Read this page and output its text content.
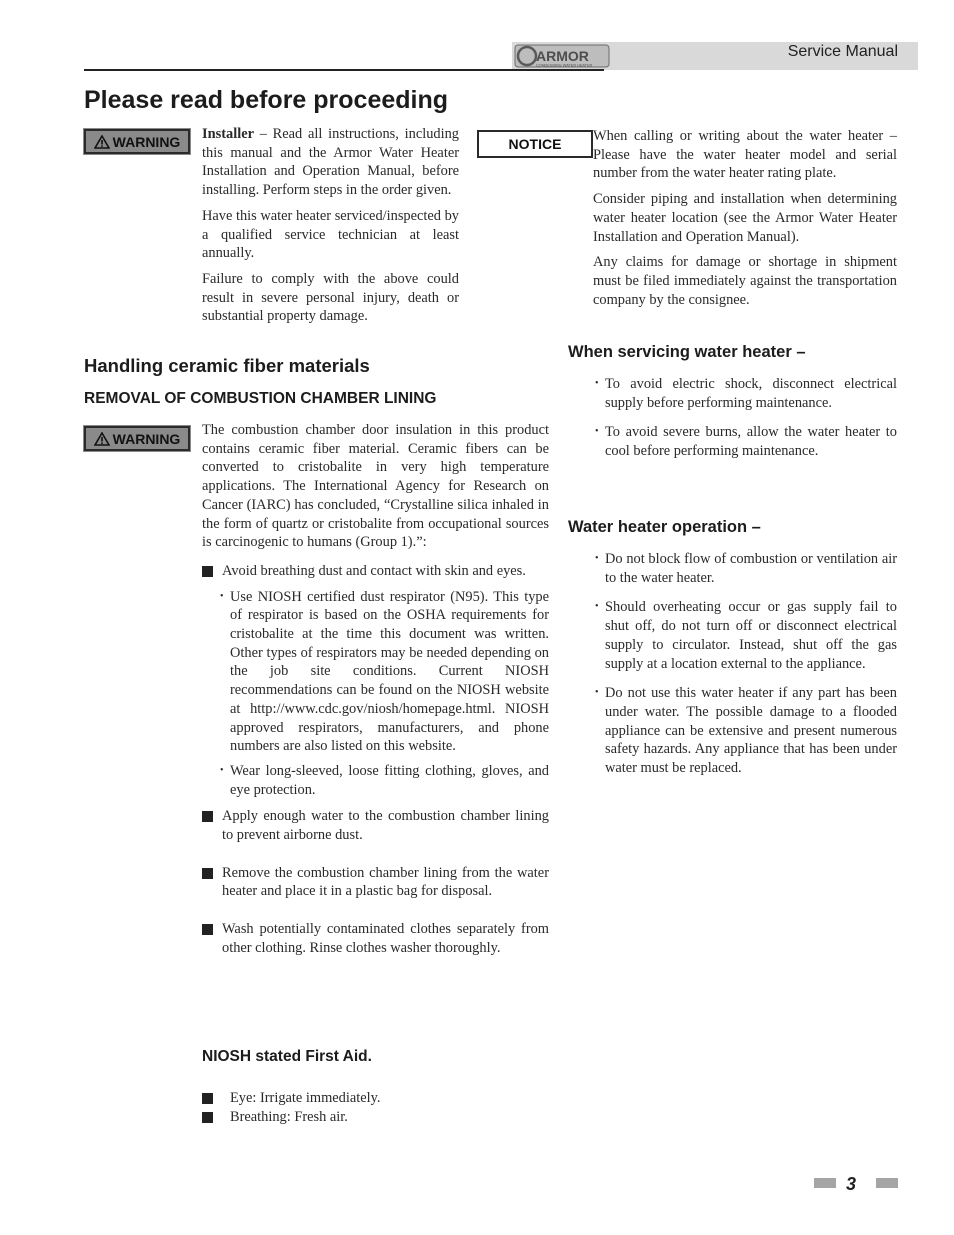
ARMOR
CONDENSING WATER HEATER
Service Manual
Please read before proceeding
WARNING Installer – Read all instructions, including this manual and the Armor Water Heater Installation and Operation Manual, before installing. Perform steps in the order given.

Have this water heater serviced/inspected by a qualified service technician at least annually.

Failure to comply with the above could result in severe personal injury, death or substantial property damage.

NOTICE When calling or writing about the water heater – Please have the water heater model and serial number from the water heater rating plate.

Consider piping and installation when determining water heater location (see the Armor Water Heater Installation and Operation Manual).

Any claims for damage or shortage in shipment must be filed immediately against the transportation company by the consignee.

Handling ceramic fiber materials
REMOVAL OF COMBUSTION CHAMBER LINING
WARNING

The combustion chamber door insulation in this product contains ceramic fiber material. Ceramic fibers can be converted to cristobalite in very high temperature applications. The International Agency for Research on Cancer (IARC) has concluded, “Crystalline silica inhaled in the form of quartz or cristobalite from occupational sources is carcinogenic to humans (Group 1).”:

Avoid breathing dust and contact with skin and eyes.
• Use NIOSH certified dust respirator (N95). This type of respirator is based on the OSHA requirements for cristobalite at the time this document was written. Other types of respirators may be needed depending on the job site conditions. Current NIOSH recommendations can be found on the NIOSH website at http://www.cdc.gov/niosh/homepage.html. NIOSH approved respirators, manufacturers, and phone numbers are also listed on this website.
• Wear long-sleeved, loose fitting clothing, gloves, and eye protection.
Apply enough water to the combustion chamber lining to prevent airborne dust.
Remove the combustion chamber lining from the water heater and place it in a plastic bag for disposal.
Wash potentially contaminated clothes separately from other clothing. Rinse clothes washer thoroughly.
NIOSH stated First Aid.
Eye: Irrigate immediately.
Breathing: Fresh air.
When servicing water heater –
• To avoid electric shock, disconnect electrical supply before performing maintenance.
• To avoid severe burns, allow the water heater to cool before performing maintenance.
Water heater operation –
• Do not block flow of combustion or ventilation air to the water heater.
• Should overheating occur or gas supply fail to shut off, do not turn off or disconnect electrical supply to circulator. Instead, shut off the gas supply at a location external to the appliance.
• Do not use this water heater if any part has been under water. The possible damage to a flooded appliance can be extensive and present numerous safety hazards. Any appliance that has been under water must be replaced.
3
